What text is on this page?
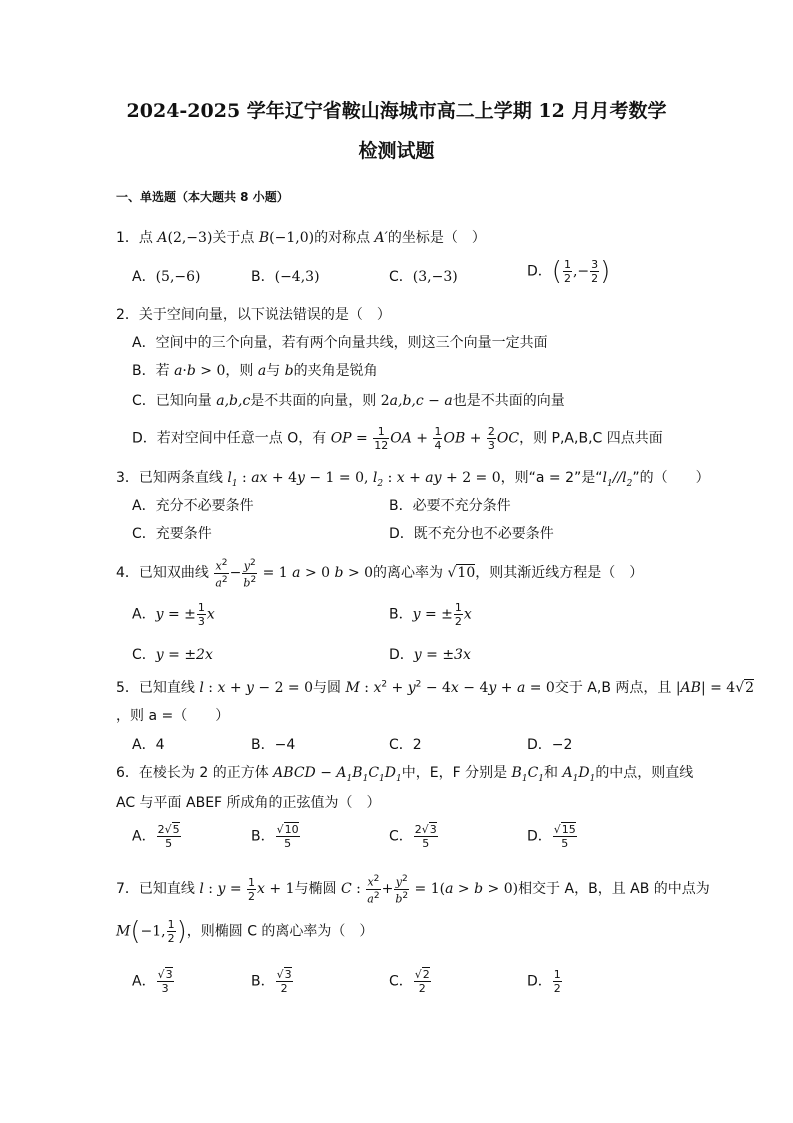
2024-2025 学年辽宁省鞍山海城市高二上学期 12 月月考数学
检测试题
一、单选题（本大题共 8 小题）
1．点 A(2,−3)关于点 B(−1,0)的对称点 A′的坐标是（　）
A．(5,−6)	B．(−4,3)	C．(3,−3)	D．( $\frac{1}{2}$ ,− $\frac{3}{2}$ )
2．关于空间向量，以下说法错误的是（　）
A．空间中的三个向量，若有两个向量共线，则这三个向量一定共面
B．若 a·b > 0，则 a与 b的夹角是锐角
C．已知向量 a,b,c是不共面的向量，则 2a,b,c − a也是不共面的向量
D．若对空间中任意一点 O，有 OP = $\frac{1}{12}$ OA + $\frac{1}{4}$ OB + $\frac{2}{3}$ OC，则 P,A,B,C 四点共面
3．已知两条直线 $l_1$ : ax + 4y − 1 = 0, $l_2$ : x + ay + 2 = 0，则“a = 2”是“$l_1//l_2$”的（　　）
A．充分不必要条件	B．必要不充分条件
C．充要条件	D．既不充分也不必要条件
4．已知双曲线 $\frac{x^2}{a^2} - \frac{y^2}{b^2} = 1$ a > 0 b > 0的离心率为 √10，则其渐近线方程是（　）
A．y = ± $\frac{1}{3}$ x	B．y = ± $\frac{1}{2}$ x
C．y = ±2x	D．y = ±3x
5．已知直线 l : x + y − 2 = 0与圆 M : $x^2 + y^2 - 4x - 4y + a = 0$交于 A,B 两点，且 |AB| = 4√2
，则 a =（　　）
A．4	B．−4	C．2	D．−2
6．在棱长为 2 的正方体 ABCD − $A_1B_1C_1D_1$中，E，F 分别是 $B_1C_1$和 $A_1D_1$的中点，则直线
AC 与平面 ABEF 所成角的正弦值为（　）
A． $\frac{2√5}{5}$	B． $\frac{√10}{5}$	C． $\frac{2√3}{5}$	D． $\frac{√15}{5}$
7．已知直线 l : $y = \frac{1}{2}$ x + 1与椭圆 C : $\frac{x^2}{a^2} + \frac{y^2}{b^2} = 1(a > b > 0)$相交于 A，B，且 AB 的中点为
M(−1, $\frac{1}{2}$ )，则椭圆 C 的离心率为（　）
A． $\frac{√3}{3}$	B． $\frac{√3}{2}$	C． $\frac{√2}{2}$	D． $\frac{1}{2}$
